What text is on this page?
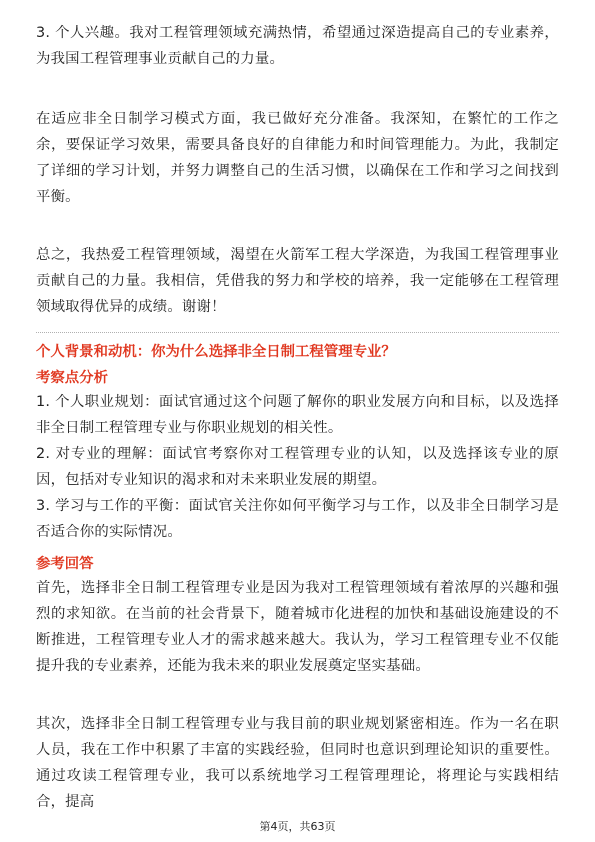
3. 个人兴趣。我对工程管理领域充满热情，希望通过深造提高自己的专业素养，为我国工程管理事业贡献自己的力量。

在适应非全日制学习模式方面，我已做好充分准备。我深知，在繁忙的工作之余，要保证学习效果，需要具备良好的自律能力和时间管理能力。为此，我制定了详细的学习计划，并努力调整自己的生活习惯，以确保在工作和学习之间找到平衡。

总之，我热爱工程管理领域，渴望在火箭军工程大学深造，为我国工程管理事业贡献自己的力量。我相信，凭借我的努力和学校的培养，我一定能够在工程管理领域取得优异的成绩。谢谢！

个人背景和动机：你为什么选择非全日制工程管理专业？

考察点分析

1. 个人职业规划：面试官通过这个问题了解你的职业发展方向和目标，以及选择非全日制工程管理专业与你职业规划的相关性。

2. 对专业的理解：面试官考察你对工程管理专业的认知，以及选择该专业的原因，包括对专业知识的渴求和对未来职业发展的期望。

3. 学习与工作的平衡：面试官关注你如何平衡学习与工作，以及非全日制学习是否适合你的实际情况。

参考回答

首先，选择非全日制工程管理专业是因为我对工程管理领域有着浓厚的兴趣和强烈的求知欲。在当前的社会背景下，随着城市化进程的加快和基础设施建设的不断推进，工程管理专业人才的需求越来越大。我认为，学习工程管理专业不仅能提升我的专业素养，还能为我未来的职业发展奠定坚实基础。

其次，选择非全日制工程管理专业与我目前的职业规划紧密相连。作为一名在职人员，我在工作中积累了丰富的实践经验，但同时也意识到理论知识的重要性。通过攻读工程管理专业，我可以系统地学习工程管理理论，将理论与实践相结合，提高

第4页，共63页
